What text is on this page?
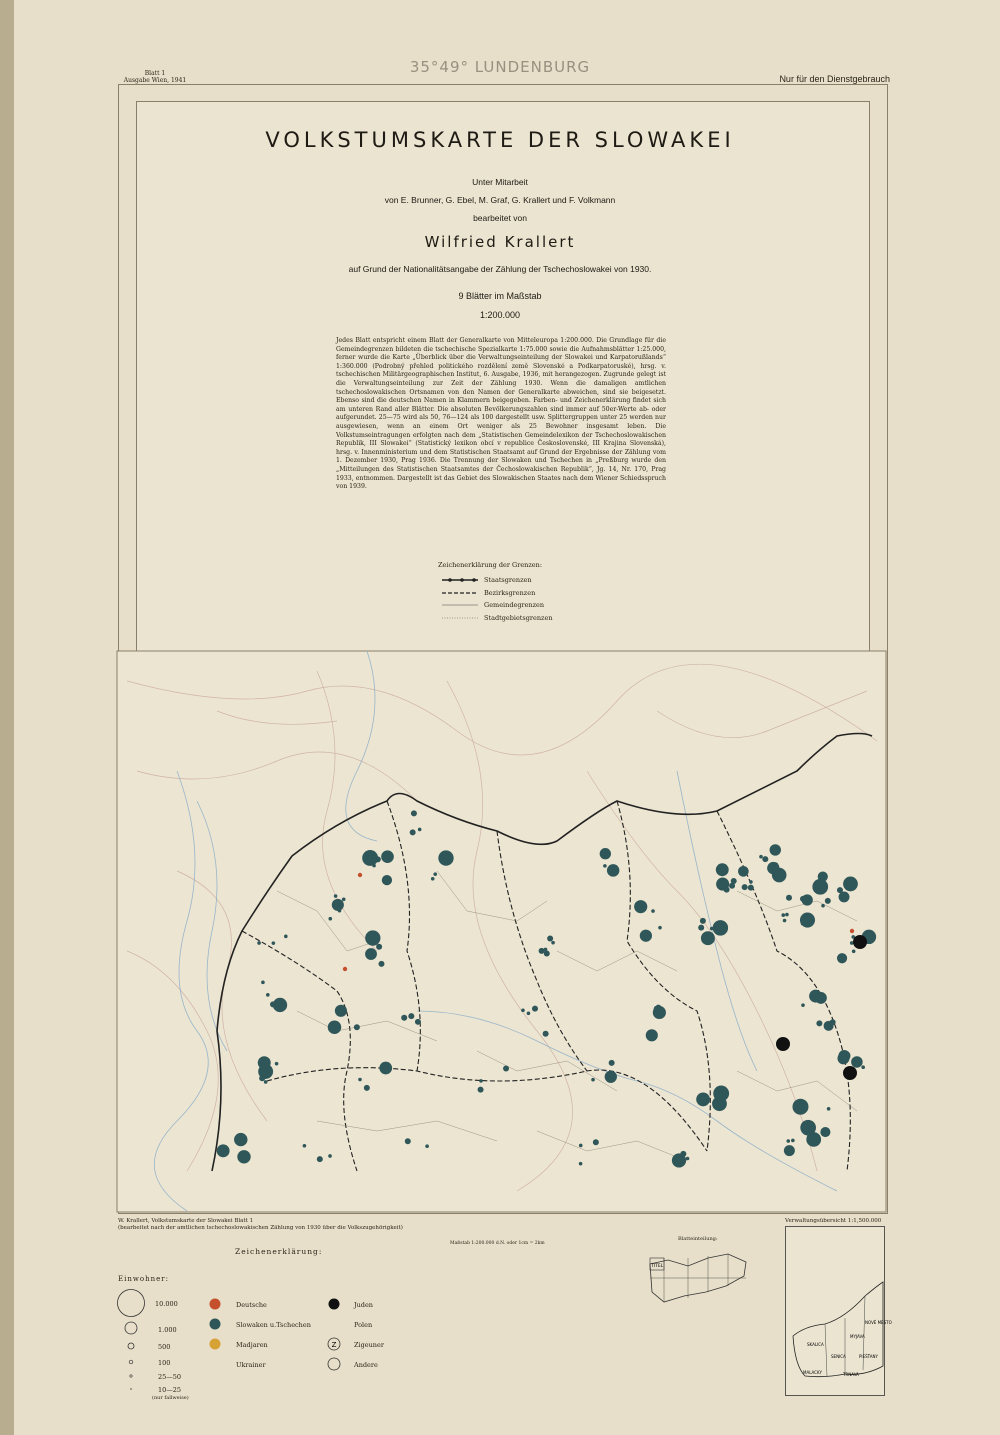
Blatt 1
Ausgabe Wien, 1941
35°49° LUNDENBURG
Nur für den Dienstgebrauch
VOLKSTUMSKARTE DER SLOWAKEI
Unter Mitarbeit
von E. Brunner, G. Ebel, M. Graf, G. Krallert und F. Volkmann
bearbeitet von
Wilfried Krallert
auf Grund der Nationalitätsangabe der Zählung der Tschechoslowakei von 1930.
9 Blätter im Maßstab
1:200.000
Jedes Blatt entspricht einem Blatt der Generalkarte von Mitteleuropa 1:200.000. Die Grundlage für die Gemeindegrenzen bildeten die tschechische Spezialkarte 1:75.000 sowie die Aufnahmsblätter 1:25.000, ferner wurde die Karte „Überblick über die Verwaltungseinteilung der Slowakei und Karpatorußlands“ 1:360.000 (Podrobný přehled politického rozdělení země Slovenské a Podkarpatoruské), hrsg. v. tschechischen Militärgeographischen Institut, 6. Ausgabe, 1936, mit herangezogen. Zugrunde gelegt ist die Verwaltungseinteilung zur Zeit der Zählung 1930. Wenn die damaligen amtlichen tschechoslowakischen Ortsnamen von den Namen der Generalkarte abweichen, sind sie beigesetzt. Ebenso sind die deutschen Namen in Klammern beigegeben. Farben- und Zeichenerklärung findet sich am unteren Rand aller Blätter. Die absoluten Bevölkerungszahlen sind immer auf 50er-Werte ab- oder aufgerundet. 25—75 wird als 50, 76—124 als 100 dargestellt usw. Splittergruppen unter 25 werden nur ausgewiesen, wenn an einem Ort weniger als 25 Bewohner insgesamt leben. Die Volkstumseintragungen erfolgten nach dem „Statistischen Gemeindelexikon der Tschechoslowakischen Republik, III Slowakei“ (Statistický lexikon obcí v republice Československé, III Krajina Slovenská), hrsg. v. Innenministerium und dem Statistischen Staatsamt auf Grund der Ergebnisse der Zählung vom 1. Dezember 1930, Prag 1936. Die Trennung der Slowaken und Tschechen in „Preßburg wurde den „Mitteilungen des Statistischen Staatsamtes der Čechoslowakischen Republik“, Jg. 14, Nr. 170, Prag 1933, entnommen. Dargestellt ist das Gebiet des Slowakischen Staates nach dem Wiener Schiedsspruch von 1939.
Zeichenerklärung der Grenzen:
Staatsgrenzen
Bezirksgrenzen
Gemeindegrenzen
Stadtgebietsgrenzen
W. Krallert, Volkstumskarte der Slowakei Blatt 1
(bearbeitet nach der amtlichen tschechoslowakischen Zählung von 1930 über die Volkszugehörigkeit)
Verwaltungsübersicht 1:1,500.000
Maßstab 1:200.000 d.N. oder 1cm = 2km
Blatteinteilung:
TITEL
SKALICA
MYJAVA
NOVÉ MESTO
SENICA	PIEŠŤANY
MALACKY	TRNAVA
Zeichenerklärung:
Einwohner:
10.000
1.000
500
100
25—50
10—25
(nur fallweise)
Deutsche
Slowaken u.Tschechen
Madjaren
Ukrainer
Z
Juden
Polen
Zigeuner
Andere
